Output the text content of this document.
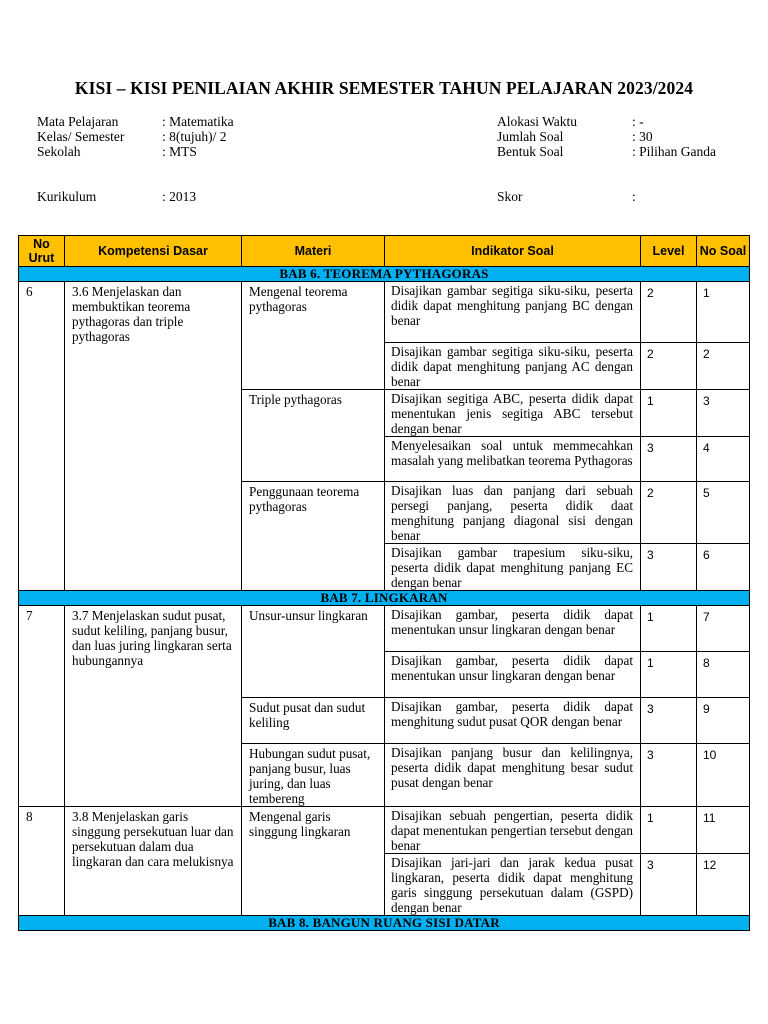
KISI – KISI PENILAIAN AKHIR SEMESTER TAHUN PELAJARAN 2023/2024
Mata Pelajaran	: Matematika
Kelas/ Semester	: 8(tujuh)/ 2
Sekolah	: MTS
Kurikulum	: 2013
Alokasi Waktu	: -
Jumlah Soal	: 30
Bentuk Soal	: Pilihan Ganda
Skor	:
No Urut	Kompetensi Dasar	Materi	Indikator Soal	Level	No Soal
BAB 6. TEOREMA PYTHAGORAS					

6	3.6 Menjelaskan dan membuktikan teorema pythagoras dan triple pythagoras	Mengenal teorema pythagoras	Disajikan gambar segitiga siku-siku, peserta didik dapat menghitung panjang BC dengan benar	2	1

			Disajikan gambar segitiga siku-siku, peserta didik dapat menghitung panjang AC dengan benar	2	2

		Triple pythagoras	Disajikan segitiga ABC, peserta didik dapat menentukan jenis segitiga ABC tersebut dengan benar	1	3

			Menyelesaikan soal untuk memmecahkan masalah yang melibatkan teorema Pythagoras	3	4

		Penggunaan teorema pythagoras	Disajikan luas dan panjang dari sebuah persegi panjang, peserta didik daat menghitung panjang diagonal sisi dengan benar	2	5

			Disajikan gambar trapesium siku-siku, peserta didik dapat menghitung panjang EC dengan benar	3	6

BAB 7. LINGKARAN					

7	3.7 Menjelaskan sudut pusat, sudut keliling, panjang busur, dan luas juring lingkaran serta hubungannya	Unsur-unsur lingkaran	Disajikan gambar, peserta didik dapat menentukan unsur lingkaran dengan benar	1	7

			Disajikan gambar, peserta didik dapat menentukan unsur lingkaran dengan benar	1	8

		Sudut pusat dan sudut keliling	Disajikan gambar, peserta didik dapat menghitung sudut pusat QOR dengan benar	3	9

		Hubungan sudut pusat, panjang busur, luas juring, dan luas tembereng	Disajikan panjang busur dan kelilingnya, peserta didik dapat menghitung besar sudut pusat dengan benar	3	10

8	3.8 Menjelaskan garis singgung persekutuan luar dan persekutuan dalam dua lingkaran dan cara melukisnya	Mengenal garis singgung lingkaran	Disajikan sebuah pengertian, peserta didik dapat menentukan pengertian tersebut dengan benar	1	11

			Disajikan jari-jari dan jarak kedua pusat lingkaran, peserta didik dapat menghitung garis singgung persekutuan dalam (GSPD) dengan benar	3	12

BAB 8. BANGUN RUANG SISI DATAR					
